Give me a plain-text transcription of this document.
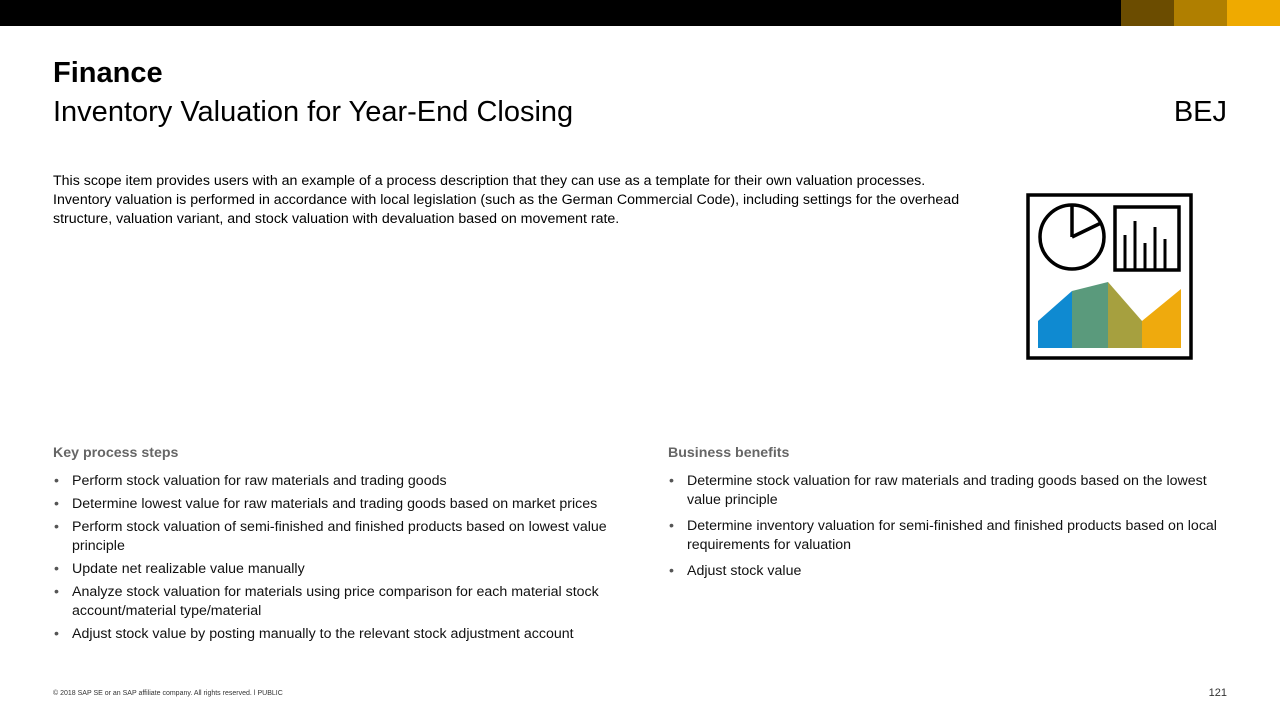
Finance
Inventory Valuation for Year-End Closing	BEJ

This scope item provides users with an example of a process description that they can use as a template for their own valuation processes. Inventory valuation is performed in accordance with local legislation (such as the German Commercial Code), including settings for the overhead structure, valuation variant, and stock valuation with devaluation based on movement rate.

Key process steps
• Perform stock valuation for raw materials and trading goods
• Determine lowest value for raw materials and trading goods based on market prices
• Perform stock valuation of semi-finished and finished products based on lowest value principle
• Update net realizable value manually
• Analyze stock valuation for materials using price comparison for each material stock account/material type/material
• Adjust stock value by posting manually to the relevant stock adjustment account
Business benefits
• Determine stock valuation for raw materials and trading goods based on the lowest value principle
• Determine inventory valuation for semi-finished and finished products based on local requirements for valuation
• Adjust stock value
© 2018 SAP SE or an SAP affiliate company. All rights reserved. ǀ PUBLIC	121
